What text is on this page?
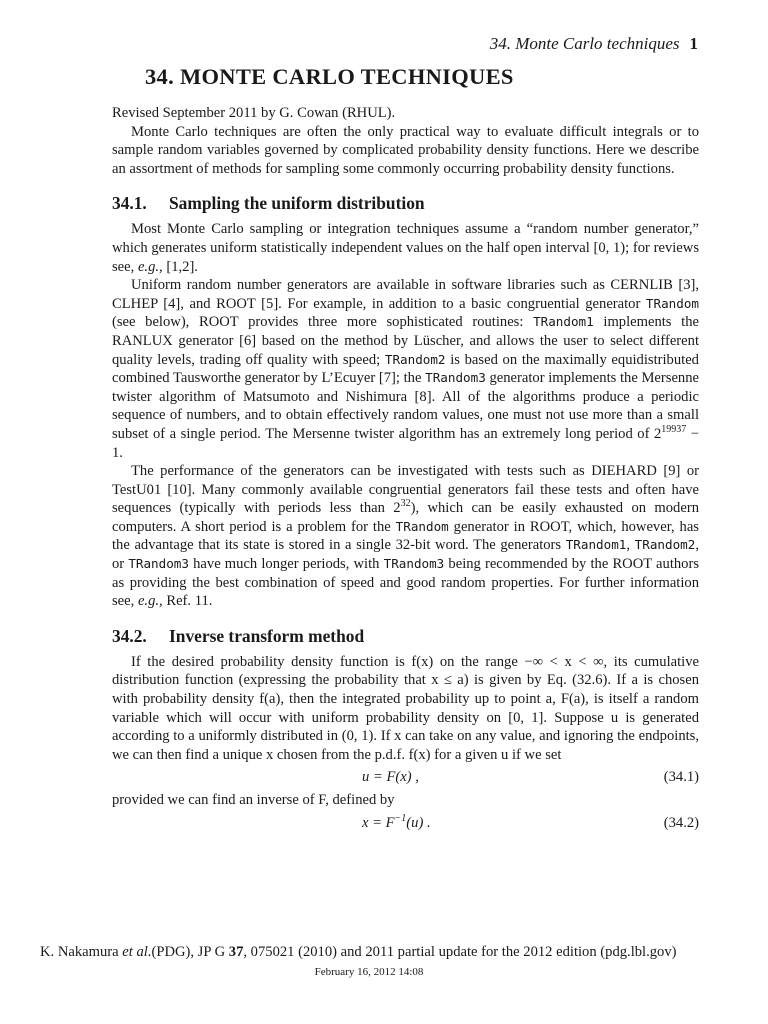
34. Monte Carlo techniques 1
34. MONTE CARLO TECHNIQUES

Revised September 2011 by G. Cowan (RHUL).

Monte Carlo techniques are often the only practical way to evaluate difficult integrals or to sample random variables governed by complicated probability density functions. Here we describe an assortment of methods for sampling some commonly occurring probability density functions.

34.1. Sampling the uniform distribution

Most Monte Carlo sampling or integration techniques assume a “random number generator,” which generates uniform statistically independent values on the half open interval [0, 1); for reviews see, e.g., [1,2].

Uniform random number generators are available in software libraries such as CERNLIB [3], CLHEP [4], and ROOT [5]. For example, in addition to a basic congruential generator TRandom (see below), ROOT provides three more sophisticated routines: TRandom1 implements the RANLUX generator [6] based on the method by Lüscher, and allows the user to select different quality levels, trading off quality with speed; TRandom2 is based on the maximally equidistributed combined Tausworthe generator by L’Ecuyer [7]; the TRandom3 generator implements the Mersenne twister algorithm of Matsumoto and Nishimura [8]. All of the algorithms produce a periodic sequence of numbers, and to obtain effectively random values, one must not use more than a small subset of a single period. The Mersenne twister algorithm has an extremely long period of $2^{19937} - 1$.

The performance of the generators can be investigated with tests such as DIEHARD [9] or TestU01 [10]. Many commonly available congruential generators fail these tests and often have sequences (typically with periods less than $2^{32}$), which can be easily exhausted on modern computers. A short period is a problem for the TRandom generator in ROOT, which, however, has the advantage that its state is stored in a single 32-bit word. The generators TRandom1, TRandom2, or TRandom3 have much longer periods, with TRandom3 being recommended by the ROOT authors as providing the best combination of speed and good random properties. For further information see, e.g., Ref. 11.

34.2. Inverse transform method

If the desired probability density function is f(x) on the range −∞ < x < ∞, its cumulative distribution function (expressing the probability that x ≤ a) is given by Eq. (32.6). If a is chosen with probability density f(a), then the integrated probability up to point a, F(a), is itself a random variable which will occur with uniform probability density on [0, 1]. Suppose u is generated according to a uniformly distributed in (0, 1). If x can take on any value, and ignoring the endpoints, we can then find a unique x chosen from the p.d.f. f(x) for a given u if we set

u = F(x) ,	(34.1)

provided we can find an inverse of F, defined by

$x = F^{-1}(u)$ .	(34.2)
K. Nakamura et al.(PDG), JP G 37, 075021 (2010) and 2011 partial update for the 2012 edition (pdg.lbl.gov)
February 16, 2012 14:08
